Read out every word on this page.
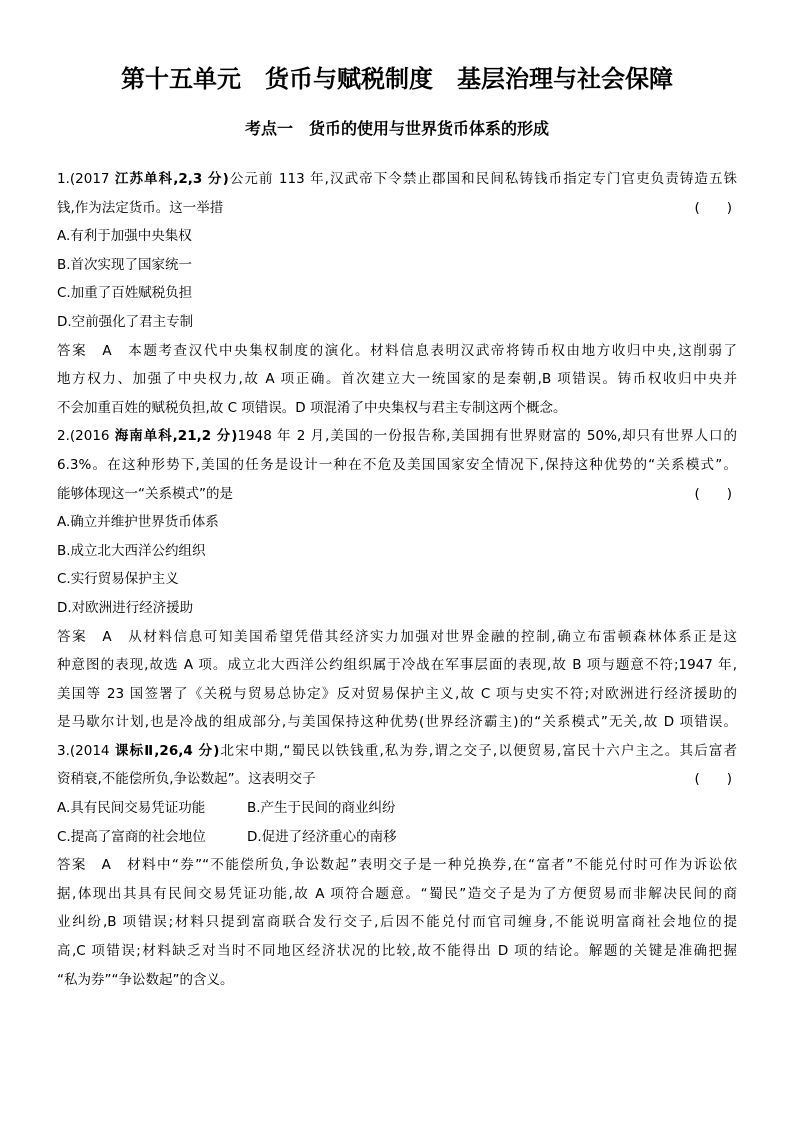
第十五单元　货币与赋税制度　基层治理与社会保障
考点一　货币的使用与世界货币体系的形成
1.(2017 江苏单科,2,3 分)公元前 113 年,汉武帝下令禁止郡国和民间私铸钱币指定专门官吏负责铸造五铢
钱,作为法定货币。这一举措	(　　)
A.有利于加强中央集权
B.首次实现了国家统一
C.加重了百姓赋税负担
D.空前强化了君主专制
答案　A　本题考查汉代中央集权制度的演化。材料信息表明汉武帝将铸币权由地方收归中央,这削弱了
地方权力、加强了中央权力,故 A 项正确。首次建立大一统国家的是秦朝,B 项错误。铸币权收归中央并
不会加重百姓的赋税负担,故 C 项错误。D 项混淆了中央集权与君主专制这两个概念。
2.(2016 海南单科,21,2 分)1948 年 2 月,美国的一份报告称,美国拥有世界财富的 50%,却只有世界人口的
6.3%。在这种形势下,美国的任务是设计一种在不危及美国国家安全情况下,保持这种优势的“关系模式”。
能够体现这一“关系模式”的是	(　　)
A.确立并维护世界货币体系
B.成立北大西洋公约组织
C.实行贸易保护主义
D.对欧洲进行经济援助
答案　A　从材料信息可知美国希望凭借其经济实力加强对世界金融的控制,确立布雷顿森林体系正是这
种意图的表现,故选 A 项。成立北大西洋公约组织属于冷战在军事层面的表现,故 B 项与题意不符;1947 年,
美国等 23 国签署了《关税与贸易总协定》反对贸易保护主义,故 C 项与史实不符;对欧洲进行经济援助的
是马歇尔计划,也是冷战的组成部分,与美国保持这种优势(世界经济霸主)的“关系模式”无关,故 D 项错误。
3.(2014 课标Ⅱ,26,4 分)北宋中期,“蜀民以铁钱重,私为券,谓之交子,以便贸易,富民十六户主之。其后富者
资稍衰,不能偿所负,争讼数起”。这表明交子	(　　)
A.具有民间交易凭证功能	B.产生于民间的商业纠纷
C.提高了富商的社会地位	D.促进了经济重心的南移
答案　A　材料中“券”“不能偿所负,争讼数起”表明交子是一种兑换券,在“富者”不能兑付时可作为诉讼依
据,体现出其具有民间交易凭证功能,故 A 项符合题意。“蜀民”造交子是为了方便贸易而非解决民间的商
业纠纷,B 项错误;材料只提到富商联合发行交子,后因不能兑付而官司缠身,不能说明富商社会地位的提
高,C 项错误;材料缺乏对当时不同地区经济状况的比较,故不能得出 D 项的结论。解题的关键是准确把握
“私为券”“争讼数起”的含义。
